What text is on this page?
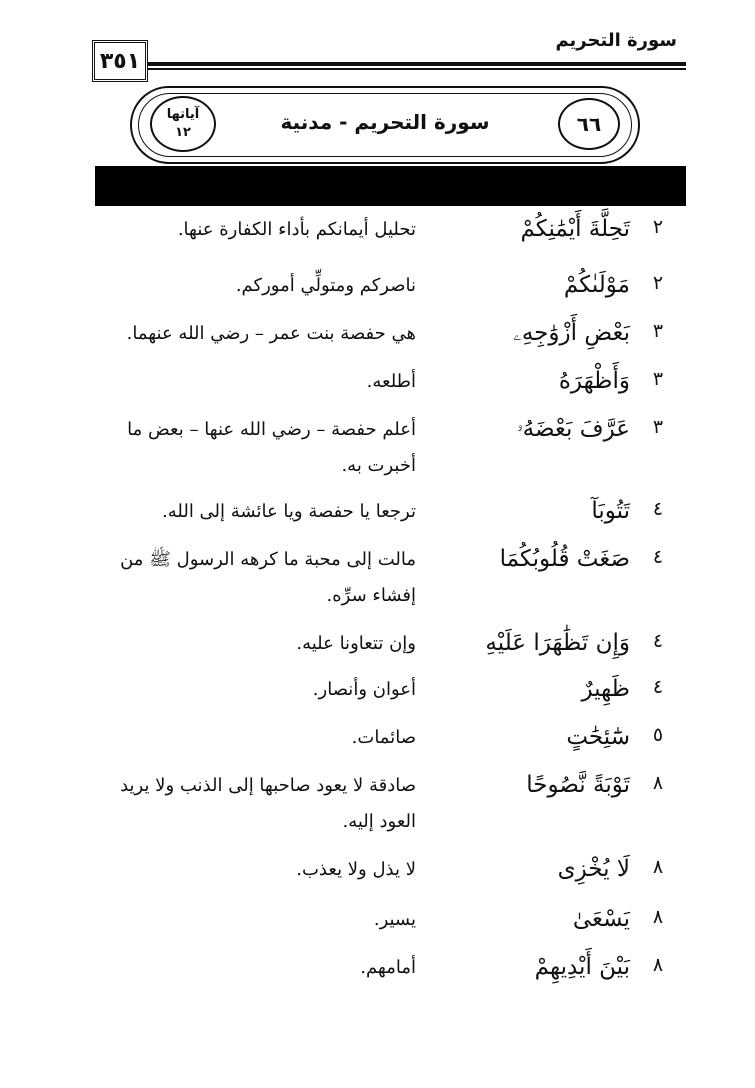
سورة التحريم
٣٥١
سورة التحريم - مدنية	٦٦
آياتها
١٢
٢
تَحِلَّةَ أَيْمَٰنِكُمْ
تحليل أيمانكم بأداء الكفارة عنها.
٢
مَوْلَىٰكُمْ
ناصركم ومتولِّي أموركم.
٣
بَعْضِ أَزْوَٰجِهِۦ
هي حفصة بنت عمر – رضي الله عنهما.
٣
وَأَظْهَرَهُ
أطلعه.
٣
عَرَّفَ بَعْضَهُۥ
أعلم حفصة – رضي الله عنها – بعض ما أخبرت به.
٤
تَتُوبَآ
ترجعا يا حفصة ويا عائشة إلى الله.
٤
صَغَتْ قُلُوبُكُمَا
مالت إلى محبة ما كرهه الرسول ﷺ من إفشاء سرِّه.
٤
وَإِن تَظَٰهَرَا عَلَيْهِ
وإن تتعاونا عليه.
٤
ظَهِيرٌ
أعوان وأنصار.
٥
سَٰٓئِحَٰتٍ
صائمات.
٨
تَوْبَةً نَّصُوحًا
صادقة لا يعود صاحبها إلى الذنب ولا يريد العود إليه.
٨
لَا يُخْزِى
لا يذل ولا يعذب.
٨
يَسْعَىٰ
يسير.
٨
بَيْنَ أَيْدِيهِمْ
أمامهم.
